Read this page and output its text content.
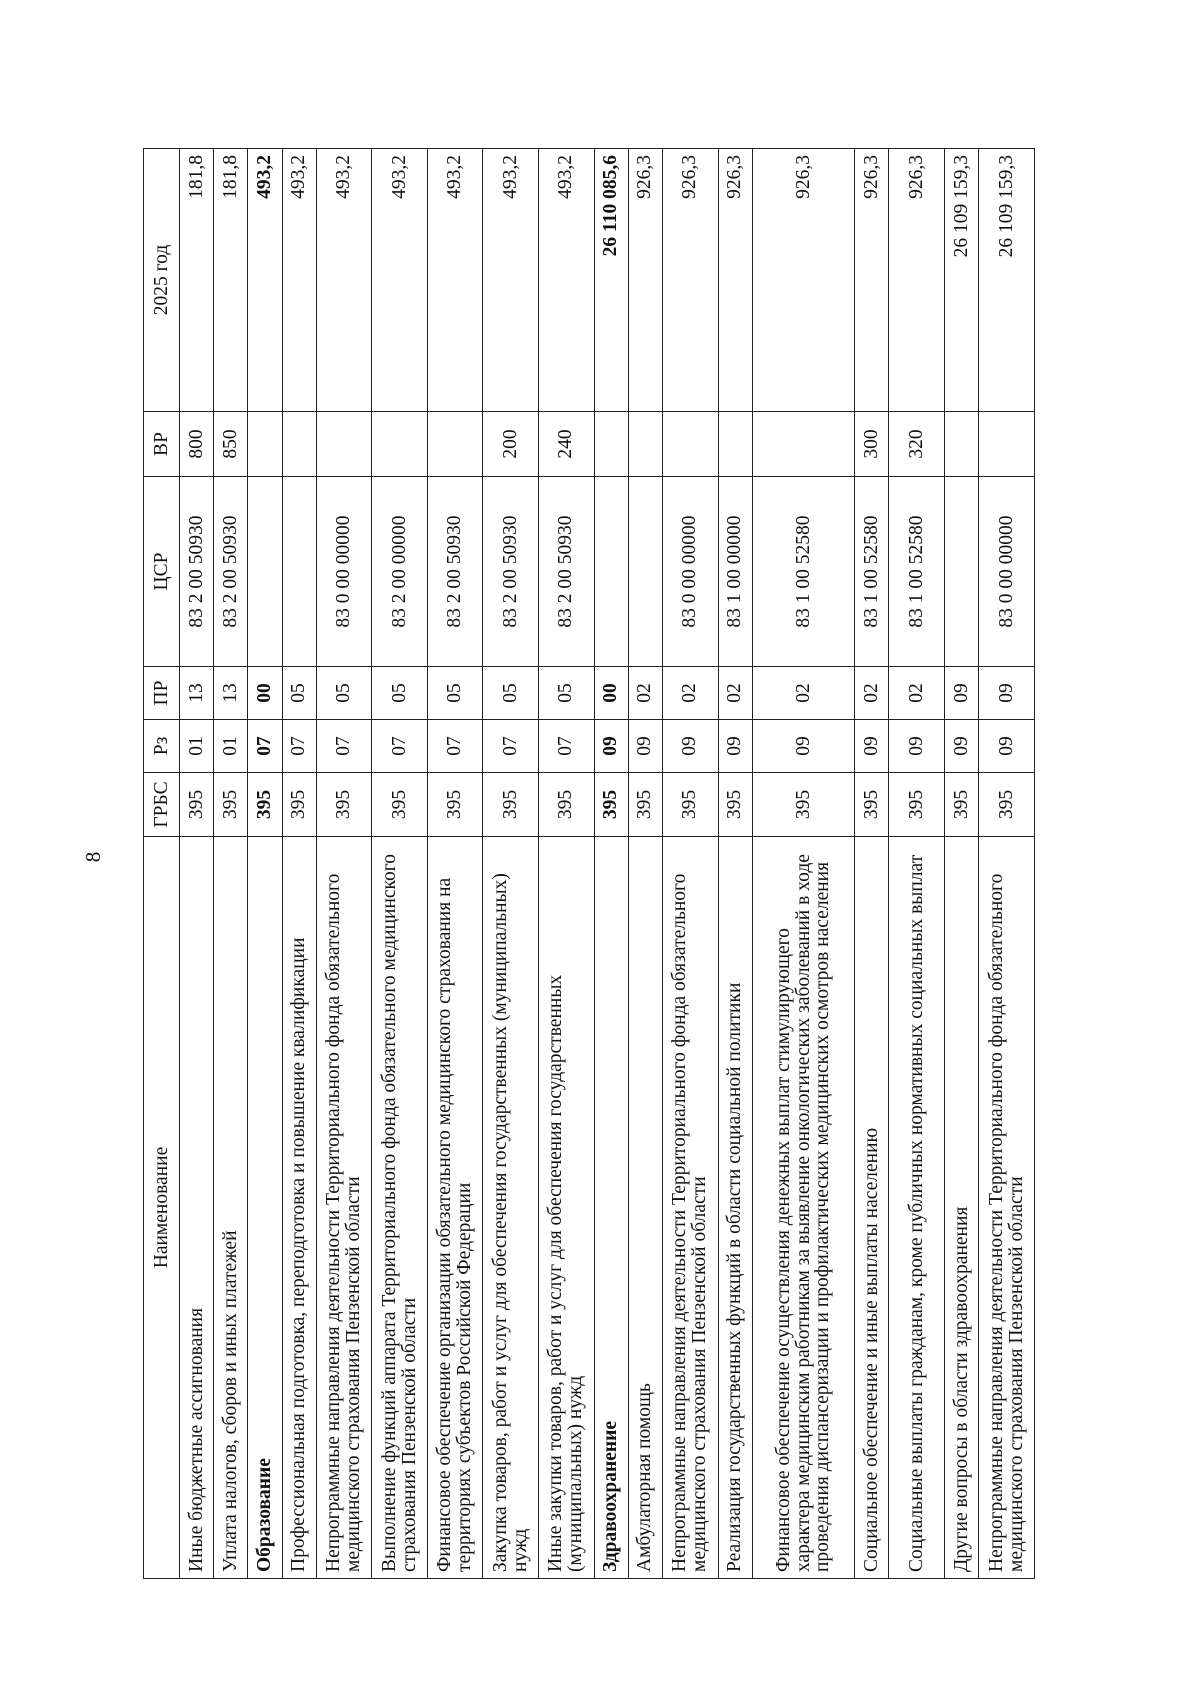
8
Наименование	ГРБС	Рз	ПР	ЦСР	ВР	2025 год
Иные бюджетные ассигнования	395	01	13	83 2 00 50930	800	181,8
Уплата налогов, сборов и иных платежей	395	01	13	83 2 00 50930	850	181,8
Образование	395	07	00			493,2
Профессиональная подготовка, переподготовка и повышение квалификации	395	07	05			493,2
Непрограммные направления деятельности Территориального фонда обязательного медицинского страхования Пензенской области	395	07	05	83 0 00 00000		493,2
Выполнение функций аппарата Территориального фонда обязательного медицинского страхования Пензенской области	395	07	05	83 2 00 00000		493,2
Финансовое обеспечение организации обязательного медицинского страхования на территориях субъектов Российской Федерации	395	07	05	83 2 00 50930		493,2
Закупка товаров, работ и услуг для обеспечения государственных (муниципальных) нужд	395	07	05	83 2 00 50930	200	493,2
Иные закупки товаров, работ и услуг для обеспечения государственных (муниципальных) нужд	395	07	05	83 2 00 50930	240	493,2
Здравоохранение	395	09	00			26 110 085,6
Амбулаторная помощь	395	09	02			926,3
Непрограммные направления деятельности Территориального фонда обязательного медицинского страхования Пензенской области	395	09	02	83 0 00 00000		926,3
Реализация государственных функций в области социальной политики	395	09	02	83 1 00 00000		926,3
Финансовое обеспечение осуществления денежных выплат стимулирующего характера медицинским работникам за выявление онкологических заболеваний в ходе проведения диспансеризации и профилактических медицинских осмотров населения	395	09	02	83 1 00 52580		926,3
Социальное обеспечение и иные выплаты населению	395	09	02	83 1 00 52580	300	926,3
Социальные выплаты гражданам, кроме публичных нормативных социальных выплат	395	09	02	83 1 00 52580	320	926,3
Другие вопросы в области здравоохранения	395	09	09			26 109 159,3
Непрограммные направления деятельности Территориального фонда обязательного медицинского страхования Пензенской области	395	09	09	83 0 00 00000		26 109 159,3
